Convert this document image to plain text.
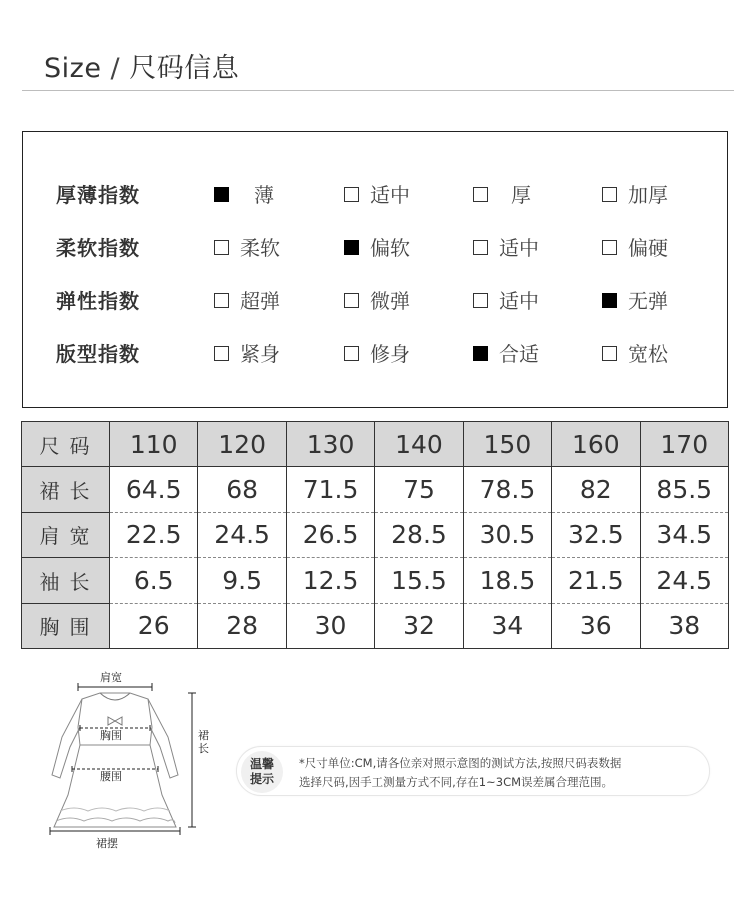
Size / 尺码信息
厚薄指数	薄	适中	厚	加厚
柔软指数	柔软	偏软	适中	偏硬
弹性指数	超弹	微弹	适中	无弹
版型指数	紧身	修身	合适	宽松
尺码	110	120	130	140	150	160	170
裙长	64.5	68	71.5	75	78.5	82	85.5
肩宽	22.5	24.5	26.5	28.5	30.5	32.5	34.5
袖长	6.5	9.5	12.5	15.5	18.5	21.5	24.5
胸围	26	28	30	32	34	36	38
肩宽
胸围
腰围
裙摆
裙长
温馨
提示
*尺寸单位:CM,请各位亲对照示意图的测试方法,按照尺码表数据
选择尺码,因手工测量方式不同,存在1~3CM误差属合理范围。
